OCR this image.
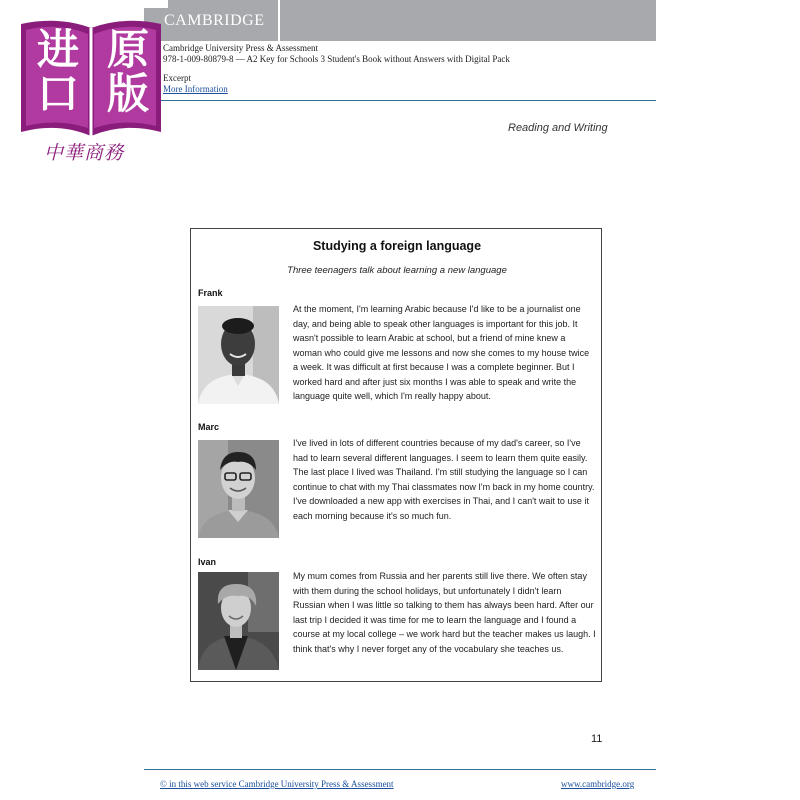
CAMBRIDGE
Cambridge University Press & Assessment
978-1-009-80879-8 — A2 Key for Schools 3 Student's Book without Answers with Digital Pack
Excerpt
More Information
进
口
原
版
中華商務
Reading and Writing
Studying a foreign language
Three teenagers talk about learning a new language
Frank
At the moment, I'm learning Arabic because I'd like to be a journalist one day, and being able to speak other languages is important for this job. It wasn't possible to learn Arabic at school, but a friend of mine knew a woman who could give me lessons and now she comes to my house twice a week. It was difficult at first because I was a complete beginner. But I worked hard and after just six months I was able to speak and write the language quite well, which I'm really happy about.
Marc
I've lived in lots of different countries because of my dad's career, so I've had to learn several different languages. I seem to learn them quite easily. The last place I lived was Thailand. I'm still studying the language so I can continue to chat with my Thai classmates now I'm back in my home country. I've downloaded a new app with exercises in Thai, and I can't wait to use it each morning because it's so much fun.
Ivan
My mum comes from Russia and her parents still live there. We often stay with them during the school holidays, but unfortunately I didn't learn Russian when I was little so talking to them has always been hard. After our last trip I decided it was time for me to learn the language and I found a course at my local college – we work hard but the teacher makes us laugh. I think that's why I never forget any of the vocabulary she teaches us.
11
© in this web service Cambridge University Press & Assessment	www.cambridge.org
